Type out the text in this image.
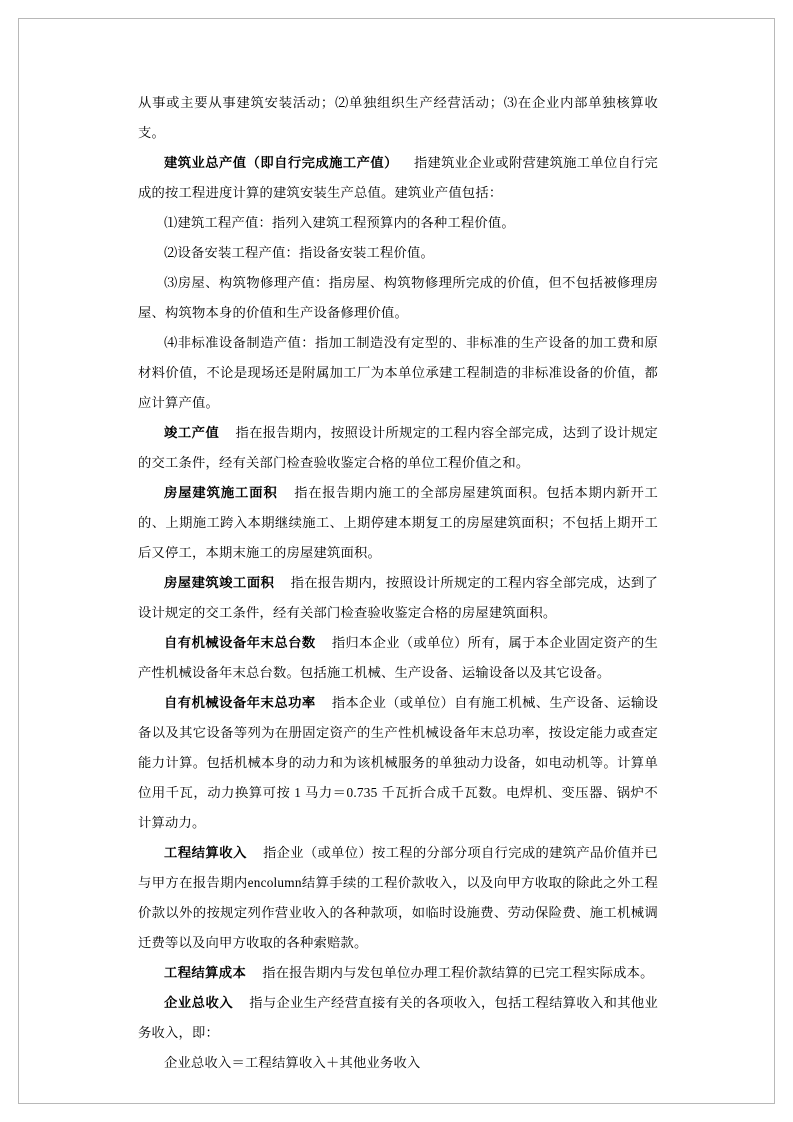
从事或主要从事建筑安装活动；⑵单独组织生产经营活动；⑶在企业内部单独核算收支。

建筑业总产值（即自行完成施工产值） 指建筑业企业或附营建筑施工单位自行完成的按工程进度计算的建筑安装生产总值。建筑业产值包括：

⑴建筑工程产值：指列入建筑工程预算内的各种工程价值。

⑵设备安装工程产值：指设备安装工程价值。

⑶房屋、构筑物修理产值：指房屋、构筑物修理所完成的价值，但不包括被修理房屋、构筑物本身的价值和生产设备修理价值。

⑷非标准设备制造产值：指加工制造没有定型的、非标准的生产设备的加工费和原材料价值，不论是现场还是附属加工厂为本单位承建工程制造的非标准设备的价值，都应计算产值。

竣工产值 指在报告期内，按照设计所规定的工程内容全部完成，达到了设计规定的交工条件，经有关部门检查验收鉴定合格的单位工程价值之和。

房屋建筑施工面积 指在报告期内施工的全部房屋建筑面积。包括本期内新开工的、上期施工跨入本期继续施工、上期停建本期复工的房屋建筑面积；不包括上期开工后又停工，本期末施工的房屋建筑面积。

房屋建筑竣工面积 指在报告期内，按照设计所规定的工程内容全部完成，达到了设计规定的交工条件，经有关部门检查验收鉴定合格的房屋建筑面积。

自有机械设备年末总台数 指归本企业（或单位）所有，属于本企业固定资产的生产性机械设备年末总台数。包括施工机械、生产设备、运输设备以及其它设备。

自有机械设备年末总功率 指本企业（或单位）自有施工机械、生产设备、运输设备以及其它设备等列为在册固定资产的生产性机械设备年末总功率，按设定能力或查定能力计算。包括机械本身的动力和为该机械服务的单独动力设备，如电动机等。计算单位用千瓦，动力换算可按 1 马力＝0.735 千瓦折合成千瓦数。电焊机、变压器、锅炉不计算动力。

工程结算收入 指企业（或单位）按工程的分部分项自行完成的建筑产品价值并已与甲方在报告期内encolumn结算手续的工程价款收入，以及向甲方收取的除此之外工程价款以外的按规定列作营业收入的各种款项，如临时设施费、劳动保险费、施工机械调迁费等以及向甲方收取的各种索赔款。

工程结算成本 指在报告期内与发包单位办理工程价款结算的已完工程实际成本。

企业总收入 指与企业生产经营直接有关的各项收入，包括工程结算收入和其他业务收入，即：

企业总收入＝工程结算收入＋其他业务收入
